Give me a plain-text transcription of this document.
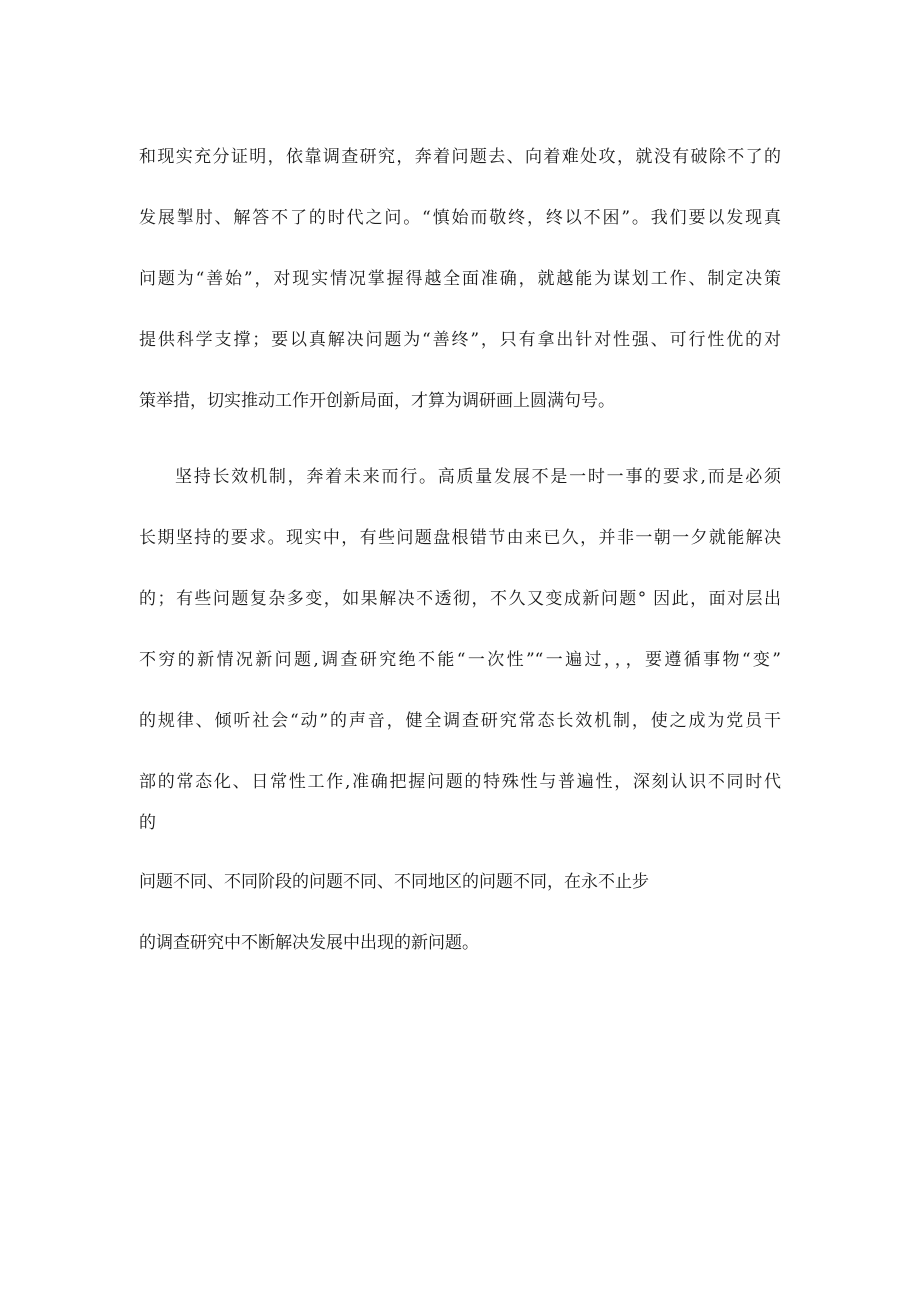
和现实充分证明，依靠调查研究，奔着问题去、向着难处攻，就没有破除不了的

发展掣肘、解答不了的时代之问。“慎始而敬终，终以不困”。我们要以发现真

问题为“善始”，对现实情况掌握得越全面准确，就越能为谋划工作、制定决策

提供科学支撑；要以真解决问题为“善终”，只有拿出针对性强、可行性优的对

策举措，切实推动工作开创新局面，才算为调研画上圆满句号。

坚持长效机制，奔着未来而行。高质量发展不是一时一事的要求,而是必须

长期坚持的要求。现实中，有些问题盘根错节由来已久，并非一朝一夕就能解决

的；有些问题复杂多变，如果解决不透彻，不久又变成新问题° 因此，面对层出

不穷的新情况新问题,调查研究绝不能“一次性”“一遍过，，，要遵循事物“变”

的规律、倾听社会“动”的声音，健全调查研究常态长效机制，使之成为党员干

部的常态化、日常性工作,准确把握问题的特殊性与普遍性，深刻认识不同时代

的

问题不同、不同阶段的问题不同、不同地区的问题不同，在永不止步

的调查研究中不断解决发展中出现的新问题。
